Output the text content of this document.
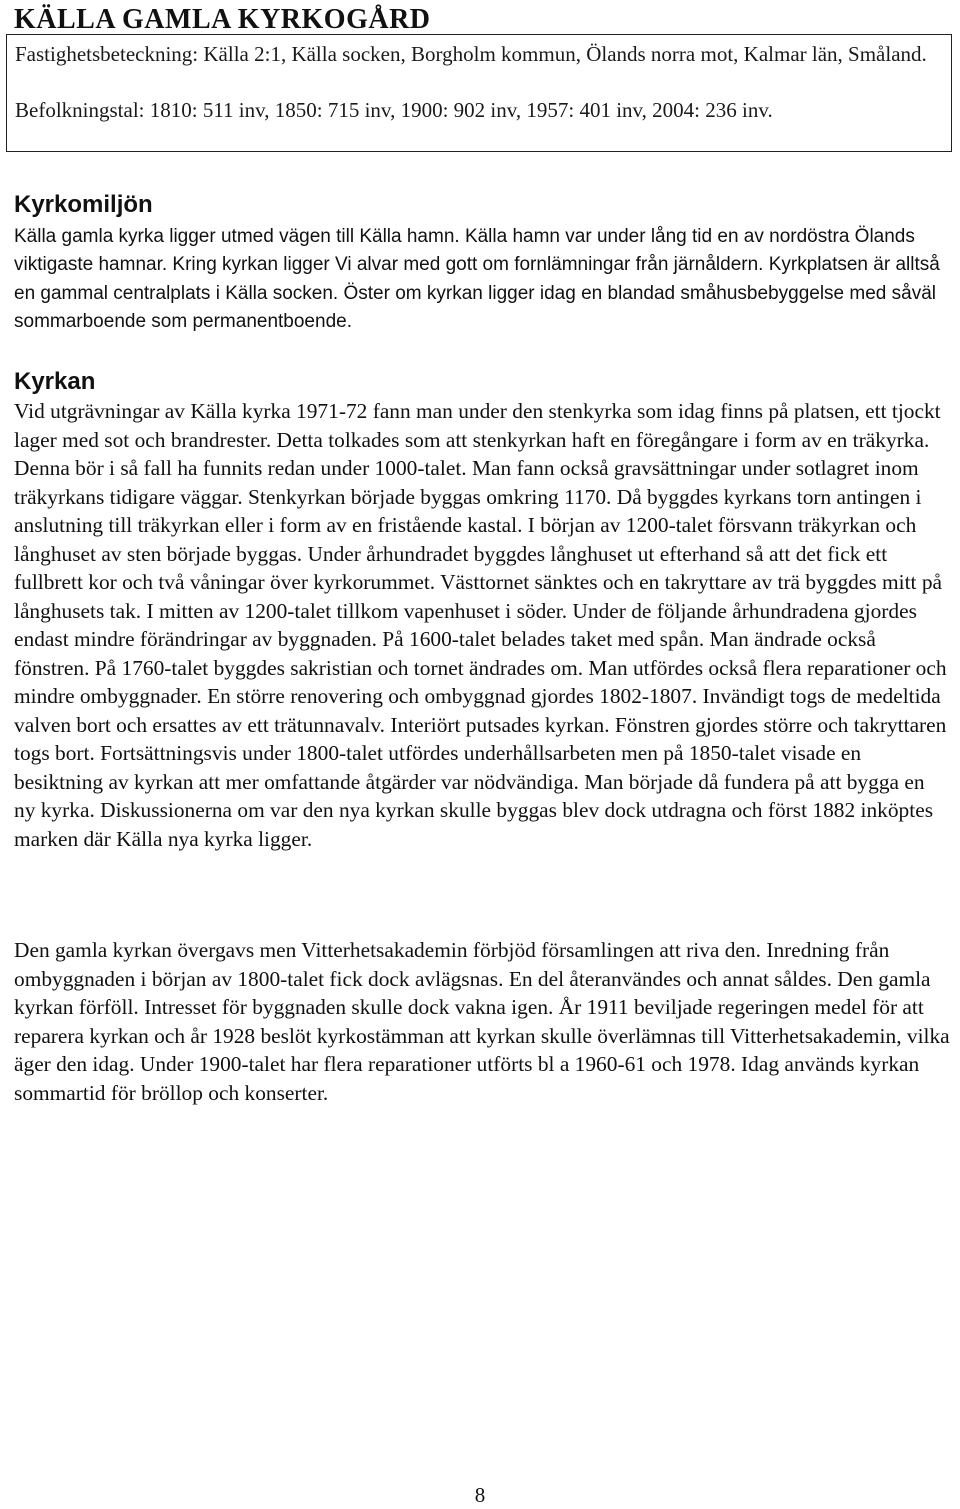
KÄLLA GAMLA KYRKOGÅRD

Fastighetsbeteckning: Källa 2:1, Källa socken, Borgholm kommun, Ölands norra mot, Kalmar län, Småland.

Befolkningstal: 1810: 511 inv, 1850: 715 inv, 1900: 902 inv, 1957: 401 inv, 2004: 236 inv.

Kyrkomiljön

Källa gamla kyrka ligger utmed vägen till Källa hamn. Källa hamn var under lång tid en av nordöstra Ölands viktigaste hamnar. Kring kyrkan ligger Vi alvar med gott om fornlämningar från järnåldern. Kyrkplatsen är alltså en gammal centralplats i Källa socken. Öster om kyrkan ligger idag en blandad småhusbebyggelse med såväl sommarboende som permanentboende.

Kyrkan

Vid utgrävningar av Källa kyrka 1971-72 fann man under den stenkyrka som idag finns på platsen, ett tjockt lager med sot och brandrester. Detta tolkades som att stenkyrkan haft en föregångare i form av en träkyrka. Denna bör i så fall ha funnits redan under 1000-talet. Man fann också gravsättningar under sotlagret inom träkyrkans tidigare väggar. Stenkyrkan började byggas omkring 1170. Då byggdes kyrkans torn antingen i anslutning till träkyrkan eller i form av en fristående kastal. I början av 1200-talet försvann träkyrkan och långhuset av sten började byggas. Under århundradet byggdes långhuset ut efterhand så att det fick ett fullbrett kor och två våningar över kyrkorummet. Västtornet sänktes och en takryttare av trä byggdes mitt på långhusets tak. I mitten av 1200-talet tillkom vapenhuset i söder. Under de följande århundradena gjordes endast mindre förändringar av byggnaden. På 1600-talet belades taket med spån. Man ändrade också fönstren. På 1760-talet byggdes sakristian och tornet ändrades om. Man utfördes också flera reparationer och mindre ombyggnader. En större renovering och ombyggnad gjordes 1802-1807. Invändigt togs de medeltida valven bort och ersattes av ett trätunnavalv. Interiört putsades kyrkan. Fönstren gjordes större och takryttaren togs bort. Fortsättningsvis under 1800-talet utfördes underhållsarbeten men på 1850-talet visade en besiktning av kyrkan att mer omfattande åtgärder var nödvändiga. Man började då fundera på att bygga en ny kyrka. Diskussionerna om var den nya kyrkan skulle byggas blev dock utdragna och först 1882 inköptes marken där Källa nya kyrka ligger.

Den gamla kyrkan övergavs men Vitterhetsakademin förbjöd församlingen att riva den. Inredning från ombyggnaden i början av 1800-talet fick dock avlägsnas. En del återanvändes och annat såldes. Den gamla kyrkan förföll. Intresset för byggnaden skulle dock vakna igen. År 1911 beviljade regeringen medel för att reparera kyrkan och år 1928 beslöt kyrkostämman att kyrkan skulle överlämnas till Vitterhetsakademin, vilka äger den idag. Under 1900-talet har flera reparationer utförts bl a 1960-61 och 1978. Idag används kyrkan sommartid för bröllop och konserter.

8
